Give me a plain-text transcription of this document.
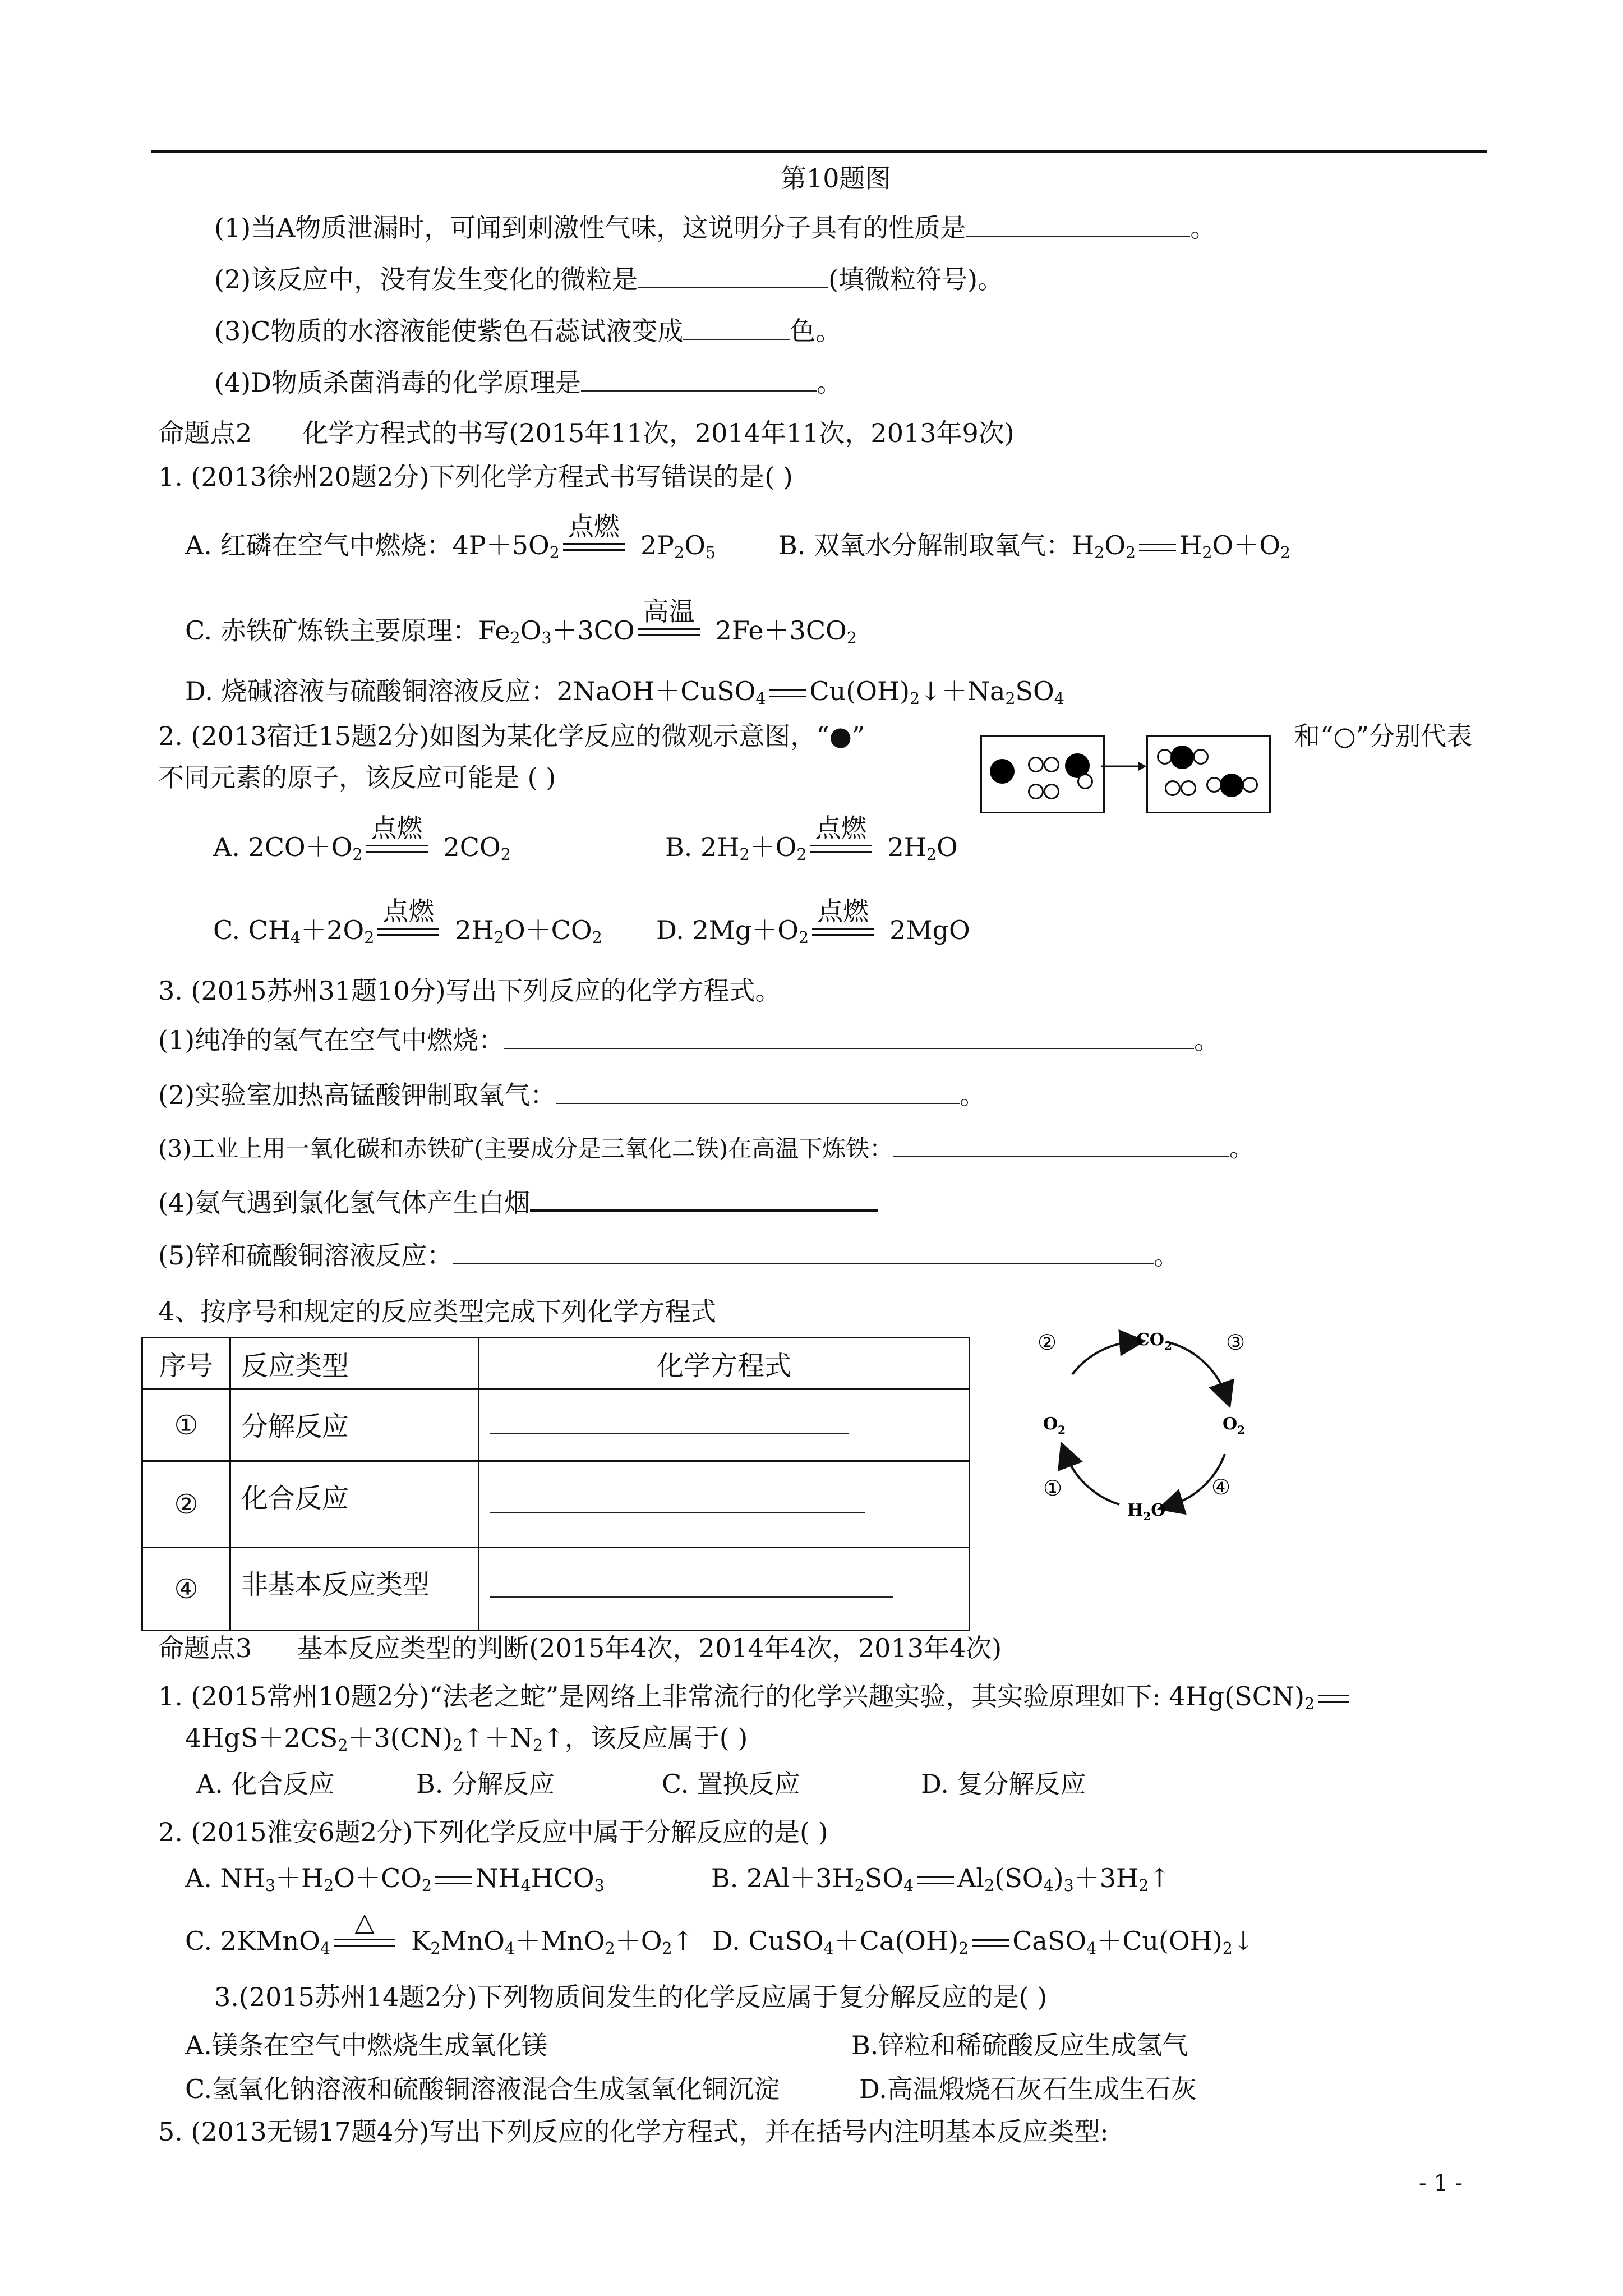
第10题图
(1)当A物质泄漏时，可闻到刺激性气味，这说明分子具有的性质是	。
(2)该反应中，没有发生变化的微粒是	(填微粒符号)。
(3)C物质的水溶液能使紫色石蕊试液变成	色。
(4)D物质杀菌消毒的化学原理是	。
命题点2 化学方程式的书写(2015年11次，2014年11次，2013年9次)
1. (2013徐州20题2分)下列化学方程式书写错误的是( )
A. 红磷在空气中燃烧：$4P+5O_2$
点燃
$2P_2O_5$ B. 双氧水分解制取氧气：$H_2O_2$ $H_2O+O_2$
C. 赤铁矿炼铁主要原理：$Fe_2O_3+3CO$
高温
$2Fe+3CO_2$
D. 烧碱溶液与硫酸铜溶液反应：2NaOH＋CuSO$_4$ $Cu(OH)_2↓+Na_2SO_4$
2. (2013宿迁15题2分)如图为某化学反应的微观示意图，“●”	和“○”分别代表
不同元素的原子，该反应可能是 ( )
A. $2CO+O_2$
点燃
$2CO_2$	B. $2H_2+O_2$
点燃
$2H_2O$
C. $CH_4+2O_2$
点燃
$2H_2O+CO_2$ D. $2Mg+O_2$
点燃
2MgO
3. (2015苏州31题10分)写出下列反应的化学方程式。
(1)纯净的氢气在空气中燃烧：	。
(2)实验室加热高锰酸钾制取氧气：	。
(3)工业上用一氧化碳和赤铁矿(主要成分是三氧化二铁)在高温下炼铁：	。
(4)氨气遇到氯化氢气体产生白烟
(5)锌和硫酸铜溶液反应：	。
4、按序号和规定的反应类型完成下列化学方程式
序号	反应类型	化学方程式
①	分解反应	
②	化合反应	
④	非基本反应类型	
$CO_2$
$O_2$	$O_2$
$H_2O$
②	③
①	④
命题点3 基本反应类型的判断(2015年4次，2014年4次，2013年4次)
1. (2015常州10题2分)“法老之蛇”是网络上非常流行的化学兴趣实验，其实验原理如下: $4Hg(SCN)_2$
$4HgS+2CS_2+3(CN)_2↑+N_2↑$，该反应属于( )
A. 化合反应	B. 分解反应	C. 置换反应	D. 复分解反应
2. (2015淮安6题2分)下列化学反应中属于分解反应的是( )
A. $NH_3+H_2O+CO_2$ $NH_4HCO_3$	B. $2Al+3H_2SO_4$ $Al_2(SO_4)_3+3H_2↑$
C. 2KMnO$_4$
△
$K_2MnO_4+MnO_2+O_2↑$ D. $CuSO_4+Ca(OH)_2$ $CaSO_4+Cu(OH)_2↓$
3.(2015苏州14题2分)下列物质间发生的化学反应属于复分解反应的是( )
A.镁条在空气中燃烧生成氧化镁	B.锌粒和稀硫酸反应生成氢气
C.氢氧化钠溶液和硫酸铜溶液混合生成氢氧化铜沉淀	D.高温煅烧石灰石生成生石灰
5. (2013无锡17题4分)写出下列反应的化学方程式，并在括号内注明基本反应类型:
- 1 -
